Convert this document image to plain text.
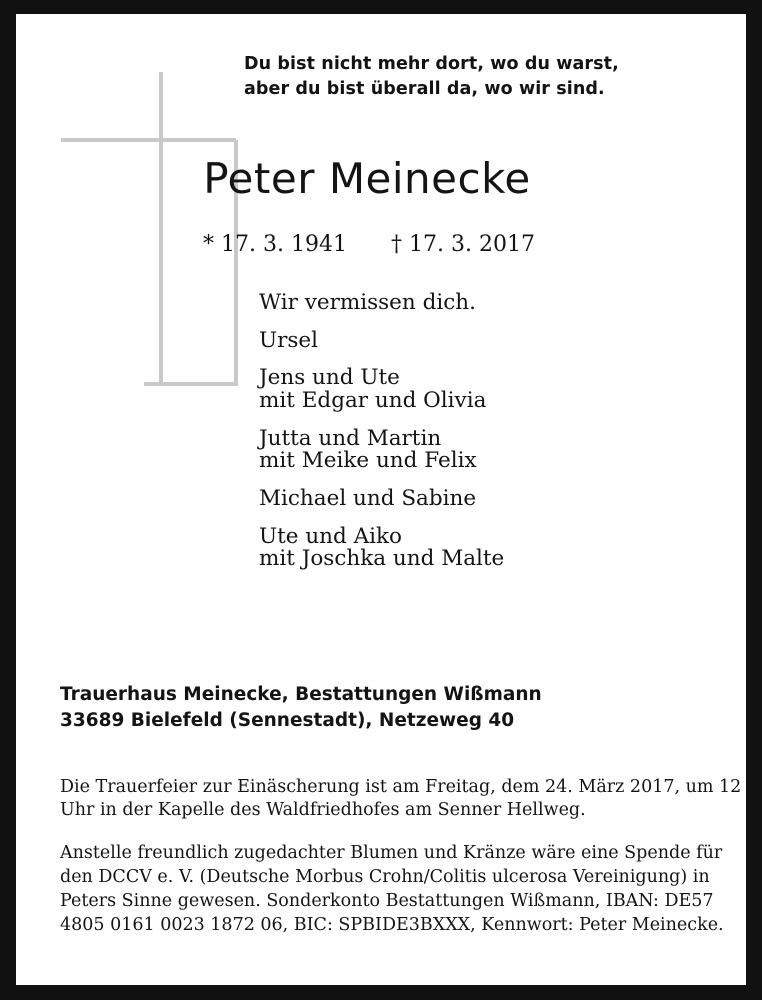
Du bist nicht mehr dort, wo du warst,
aber du bist überall da, wo wir sind.
Peter Meinecke
* 17. 3. 1941 † 17. 3. 2017
Wir vermissen dich.
Ursel
Jens und Ute
mit Edgar und Olivia
Jutta und Martin
mit Meike und Felix
Michael und Sabine
Ute und Aiko
mit Joschka und Malte
Trauerhaus Meinecke, Bestattungen Wißmann
33689 Bielefeld (Sennestadt), Netzeweg 40
Die Trauerfeier zur Einäscherung ist am Freitag, dem 24. März 2017, um 12 Uhr in der Kapelle des Waldfriedhofes am Senner Hellweg.
Anstelle freundlich zugedachter Blumen und Kränze wäre eine Spende für den DCCV e. V. (Deutsche Morbus Crohn/Colitis ulcerosa Vereinigung) in Peters Sinne gewesen. Sonderkonto Bestattungen Wißmann, IBAN: DE57 4805 0161 0023 1872 06, BIC: SPBIDE3BXXX, Kennwort: Peter Meinecke.
